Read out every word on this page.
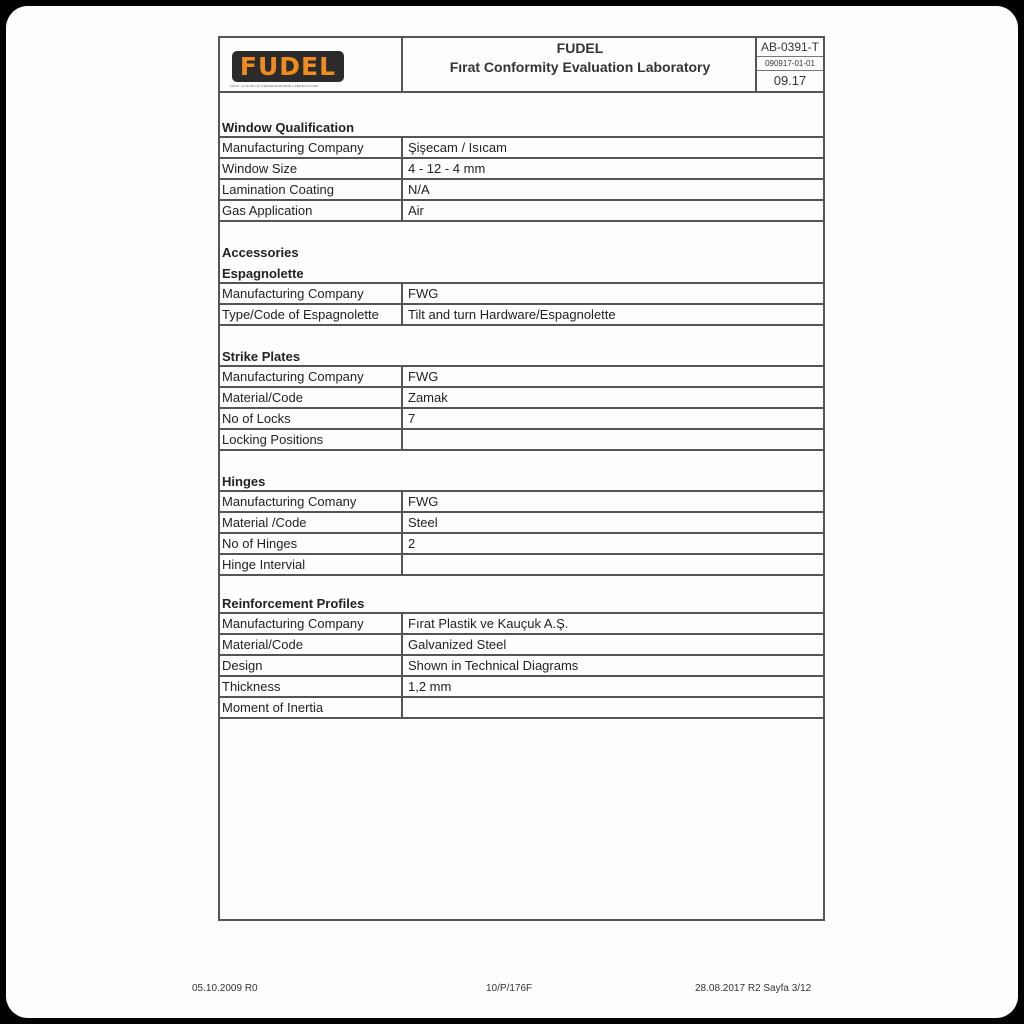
FUDEL
FIRAT UYGUNLUK DEĞERLENDİRME LABORATUVARI
FUDEL
Fırat Conformity Evaluation Laboratory
AB-0391-T
090917-01-01
09.17
Window Qualification
Manufacturing Company	Şişecam / Isıcam
Window Size	4 - 12 - 4 mm
Lamination Coating	N/A
Gas Application	Air
Accessories
Espagnolette
Manufacturing Company	FWG
Type/Code of Espagnolette	Tilt and turn Hardware/Espagnolette
Strike Plates
Manufacturing Company	FWG
Material/Code	Zamak
No of Locks	7
Locking Positions
Hinges
Manufacturing Comany	FWG
Material /Code	Steel
No of Hinges	2
Hinge Intervial
Reinforcement Profiles
Manufacturing Company	Fırat Plastik ve Kauçuk A.Ş.
Material/Code	Galvanized Steel
Design	Shown in Technical Diagrams
Thickness	1,2 mm
Moment of Inertia
05.10.2009 R0	10/P/176F	28.08.2017 R2 Sayfa 3/12
